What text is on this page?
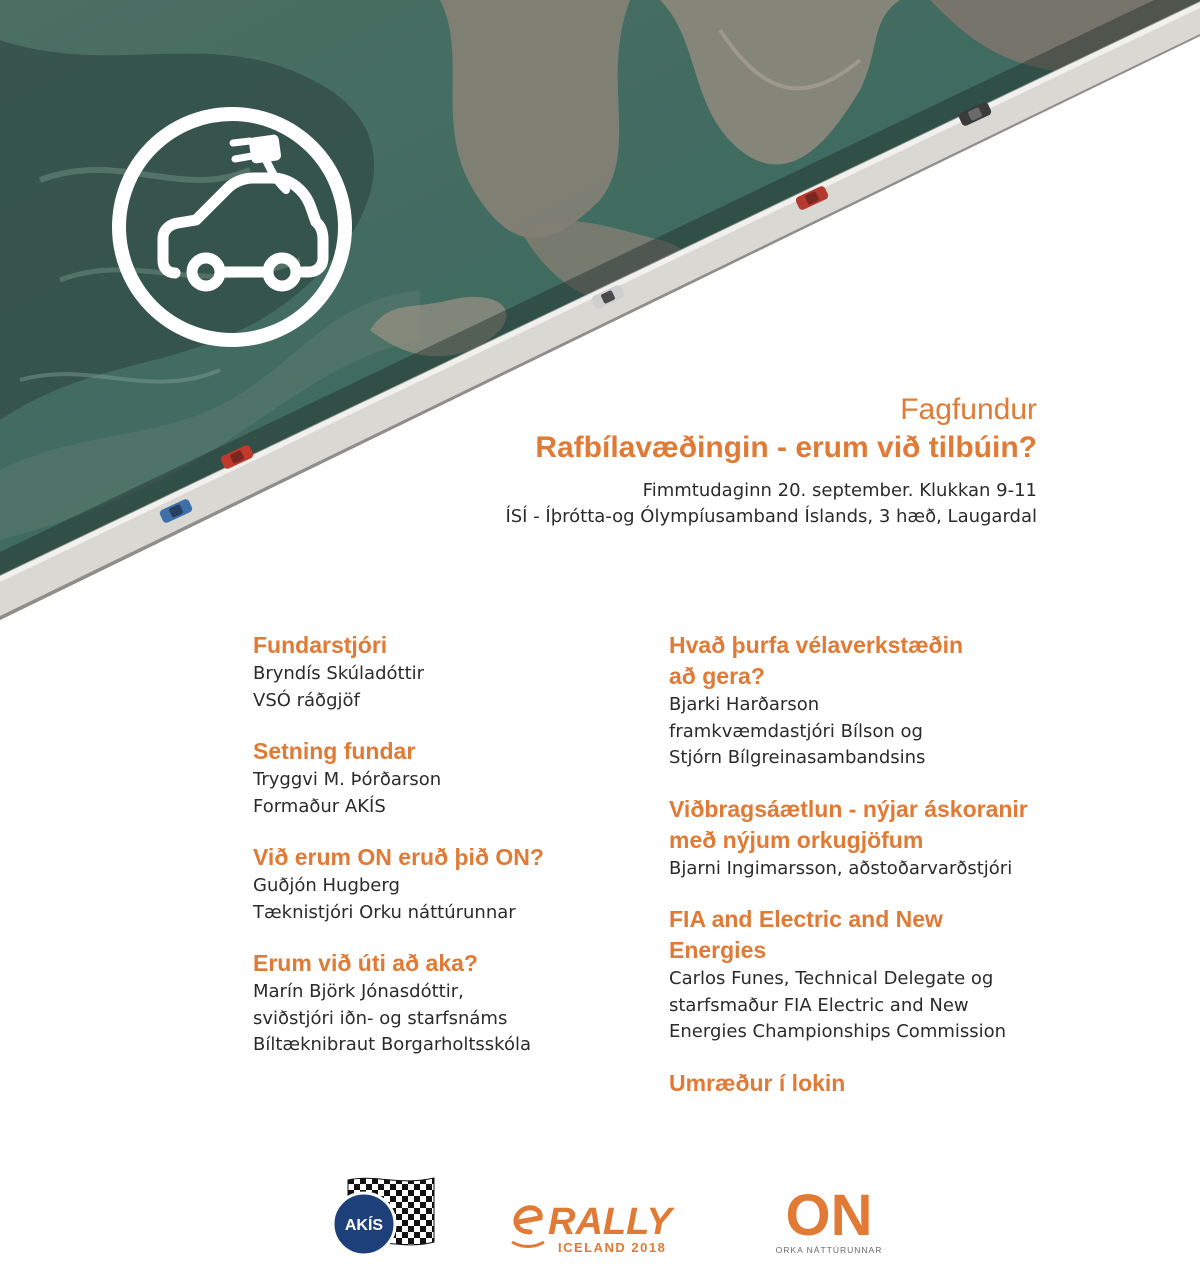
Fagfundur
Rafbílavæðingin - erum við tilbúin?
Fimmtudaginn 20. september. Klukkan 9-11
ÍSÍ - Íþrótta-og Ólympíusamband Íslands, 3 hæð, Laugardal
Fundarstjóri
Bryndís Skúladóttir
VSÓ ráðgjöf
Setning fundar
Tryggvi M. Þórðarson
Formaður AKÍS
Við erum ON eruð þið ON?
Guðjón Hugberg
Tæknistjóri Orku náttúrunnar
Erum við úti að aka?
Marín Björk Jónasdóttir,
sviðstjóri iðn- og starfsnáms
Bíltæknibraut Borgarholtsskóla
Hvað þurfa vélaverkstæðin
að gera?
Bjarki Harðarson
framkvæmdastjóri Bílson og
Stjórn Bílgreinasambandsins
Viðbragsáætlun - nýjar áskoranir
með nýjum orkugjöfum
Bjarni Ingimarsson, aðstoðarvarðstjóri
FIA and Electric and New
Energies
Carlos Funes, Technical Delegate og
starfsmaður FIA Electric and New
Energies Championships Commission
Umræður í lokin
AKÍS	RALLY
ICELAND 2018 ON
ORKA NÁTTÚRUNNAR
